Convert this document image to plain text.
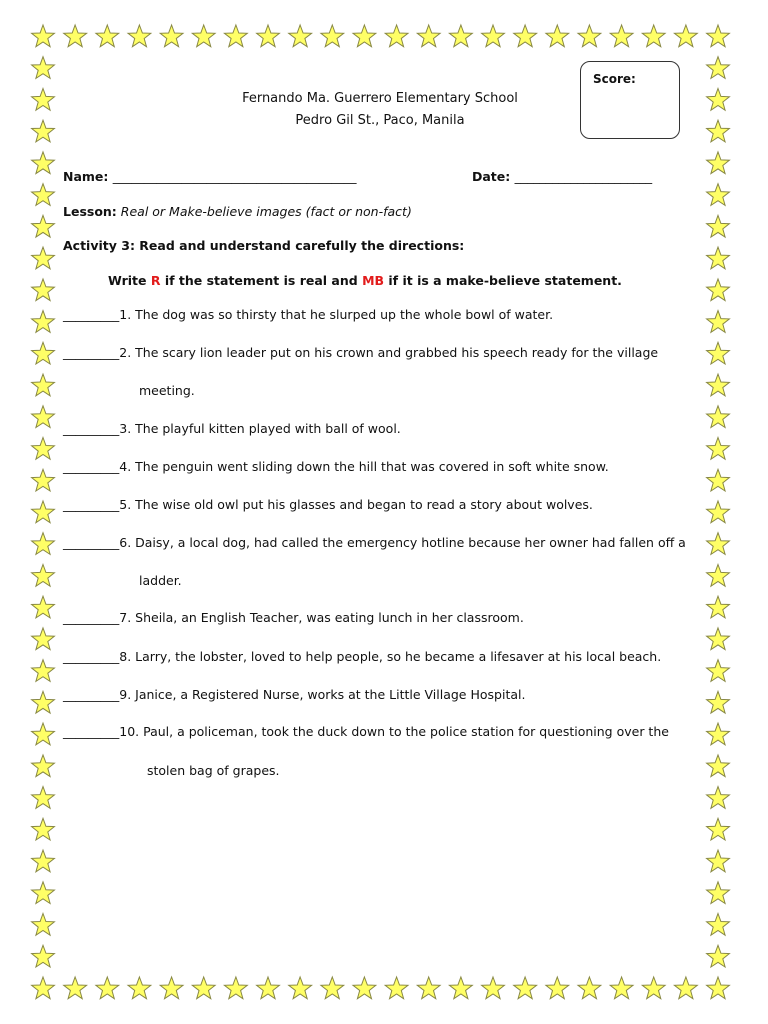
Fernando Ma. Guerrero Elementary School
Pedro Gil St., Paco, Manila
Score:
Name: _______________________________________	Date: ______________________
Lesson: Real or Make-believe images (fact or non-fact)
Activity 3: Read and understand carefully the directions:
Write R if the statement is real and MB if it is a make-believe statement.
_________1. The dog was so thirsty that he slurped up the whole bowl of water.
_________2. The scary lion leader put on his crown and grabbed his speech ready for the village
meeting.
_________3. The playful kitten played with ball of wool.
_________4. The penguin went sliding down the hill that was covered in soft white snow.
_________5. The wise old owl put his glasses and began to read a story about wolves.
_________6. Daisy, a local dog, had called the emergency hotline because her owner had fallen off a
ladder.
_________7. Sheila, an English Teacher, was eating lunch in her classroom.
_________8. Larry, the lobster, loved to help people, so he became a lifesaver at his local beach.
_________9. Janice, a Registered Nurse, works at the Little Village Hospital.
_________10. Paul, a policeman, took the duck down to the police station for questioning over the
stolen bag of grapes.
